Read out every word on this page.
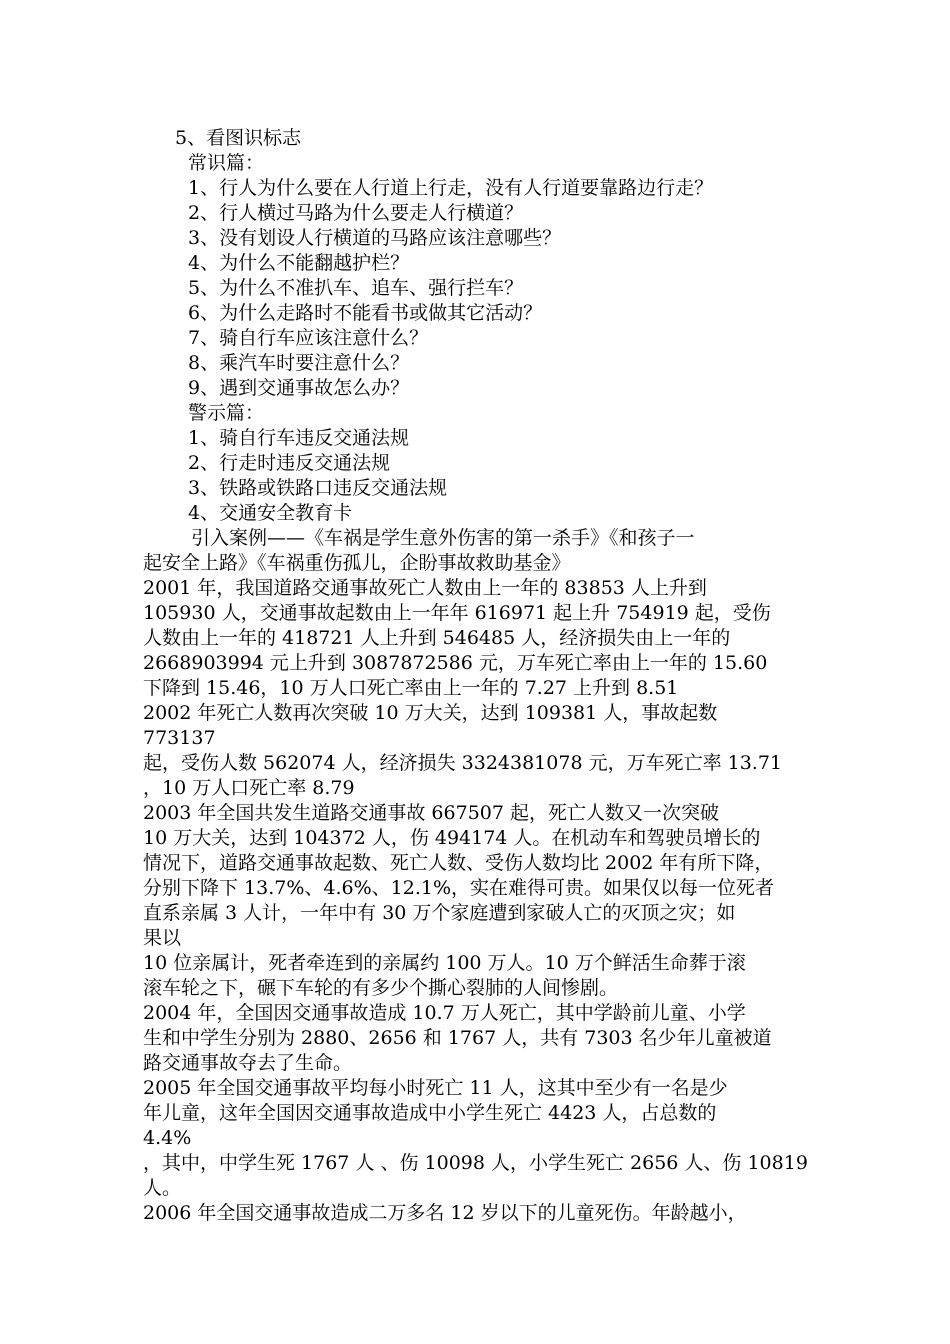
5、看图识标志
常识篇：
1、行人为什么要在人行道上行走，没有人行道要靠路边行走？
2、行人横过马路为什么要走人行横道？
3、没有划设人行横道的马路应该注意哪些？
4、为什么不能翻越护栏？
5、为什么不准扒车、追车、强行拦车？
6、为什么走路时不能看书或做其它活动？
7、骑自行车应该注意什么？
8、乘汽车时要注意什么？
9、遇到交通事故怎么办？
警示篇：
1、骑自行车违反交通法规
2、行走时违反交通法规
3、铁路或铁路口违反交通法规
4、交通安全教育卡
引入案例——《车祸是学生意外伤害的第一杀手》《和孩子一
起安全上路》《车祸重伤孤儿，企盼事故救助基金》
2001 年，我国道路交通事故死亡人数由上一年的 83853 人上升到
105930 人，交通事故起数由上一年年 616971 起上升 754919 起，受伤
人数由上一年的 418721 人上升到 546485 人，经济损失由上一年的
2668903994 元上升到 3087872586 元，万车死亡率由上一年的 15.60
下降到 15.46，10 万人口死亡率由上一年的 7.27 上升到 8.51
2002 年死亡人数再次突破 10 万大关，达到 109381 人，事故起数
773137
起，受伤人数 562074 人，经济损失 3324381078 元，万车死亡率 13.71
，10 万人口死亡率 8.79
2003 年全国共发生道路交通事故 667507 起，死亡人数又一次突破
10 万大关，达到 104372 人，伤 494174 人。在机动车和驾驶员增长的
情况下，道路交通事故起数、死亡人数、受伤人数均比 2002 年有所下降，
分别下降下 13.7%、4.6%、12.1%，实在难得可贵。如果仅以每一位死者
直系亲属 3 人计，一年中有 30 万个家庭遭到家破人亡的灭顶之灾；如
果以
10 位亲属计，死者牵连到的亲属约 100 万人。10 万个鲜活生命葬于滚
滚车轮之下，碾下车轮的有多少个撕心裂肺的人间惨剧。
2004 年，全国因交通事故造成 10.7 万人死亡，其中学龄前儿童、小学
生和中学生分别为 2880、2656 和 1767 人，共有 7303 名少年儿童被道
路交通事故夺去了生命。
2005 年全国交通事故平均每小时死亡 11 人，这其中至少有一名是少
年儿童，这年全国因交通事故造成中小学生死亡 4423 人，占总数的
4.4%
，其中，中学生死 1767 人 、伤 10098 人，小学生死亡 2656 人、伤 10819
人。
2006 年全国交通事故造成二万多名 12 岁以下的儿童死伤。年龄越小，
